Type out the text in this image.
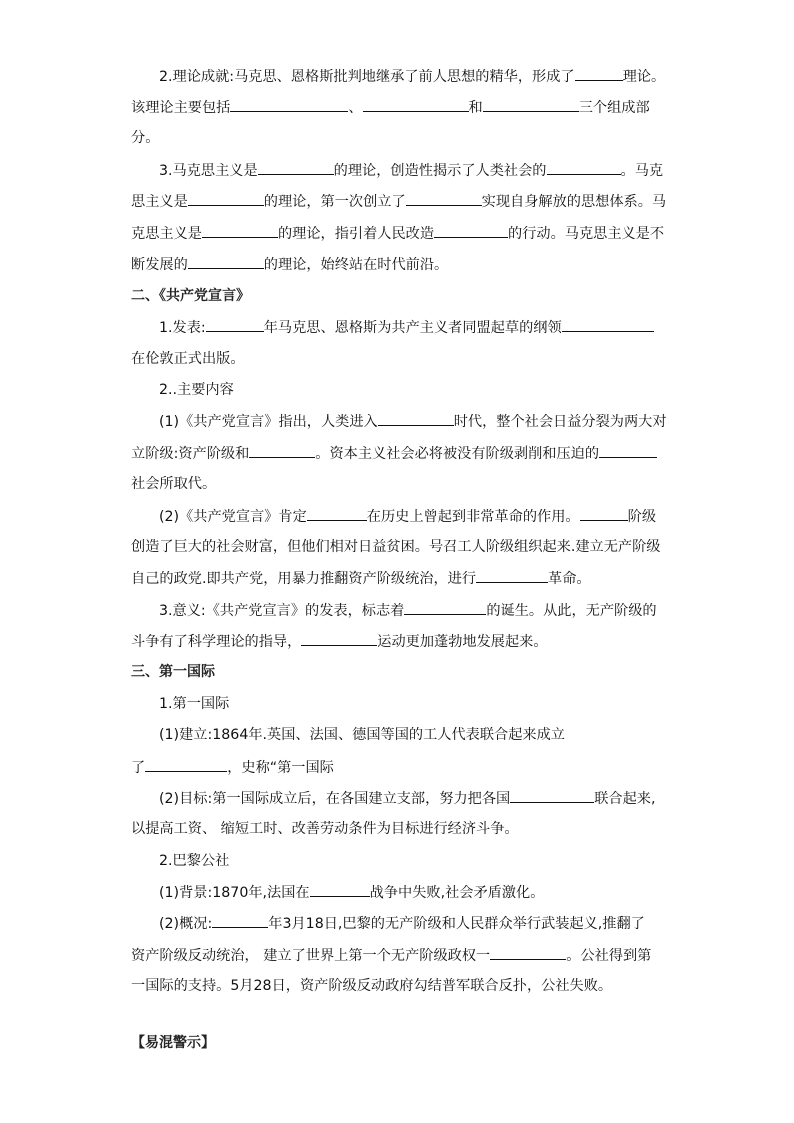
2.理论成就:马克思、恩格斯批判地继承了前人思想的精华，形成了	理论。
该理论主要包括	、	和	三个组成部
分。
3.马克思主义是	的理论，创造性揭示了人类社会的	。马克
思主义是	的理论，第一次创立了	实现自身解放的思想体系。马
克思主义是	的理论，指引着人民改造	的行动。马克思主义是不
断发展的	的理论，始终站在时代前沿。
二、《共产党宣言》
1.发表:	年马克思、恩格斯为共产主义者同盟起草的纲领
在伦敦正式出版。
2..主要内容
(1)《共产党宣言》指出，人类进入	时代，整个社会日益分裂为两大对
立阶级:资产阶级和	。资本主义社会必将被没有阶级剥削和压迫的
社会所取代。
(2)《共产党宣言》肯定	在历史上曾起到非常革命的作用。	阶级
创造了巨大的社会财富，但他们相对日益贫困。号召工人阶级组织起来.建立无产阶级
自己的政党.即共产党，用暴力推翻资产阶级统治，进行	革命。
3.意义:《共产党宣言》的发表，标志着	的诞生。从此，无产阶级的
斗争有了科学理论的指导，	运动更加蓬勃地发展起来。
三、第一国际
1.第一国际
(1)建立:1864年.英国、法国、德国等国的工人代表联合起来成立
了	，史称“第一国际
(2)目标:第一国际成立后，在各国建立支部，努力把各国	联合起来,
以提高工资、 缩短工时、改善劳动条件为目标进行经济斗争。
2.巴黎公社
(1)背景:1870年,法国在	战争中失败,社会矛盾激化。
(2)概况:	年3月18日,巴黎的无产阶级和人民群众举行武装起义,推翻了
资产阶级反动统治， 建立了世界上第一个无产阶级政权一	。公社得到第
一国际的支持。5月28日，资产阶级反动政府勾结普军联合反扑，公社失败。
【易混警示】
